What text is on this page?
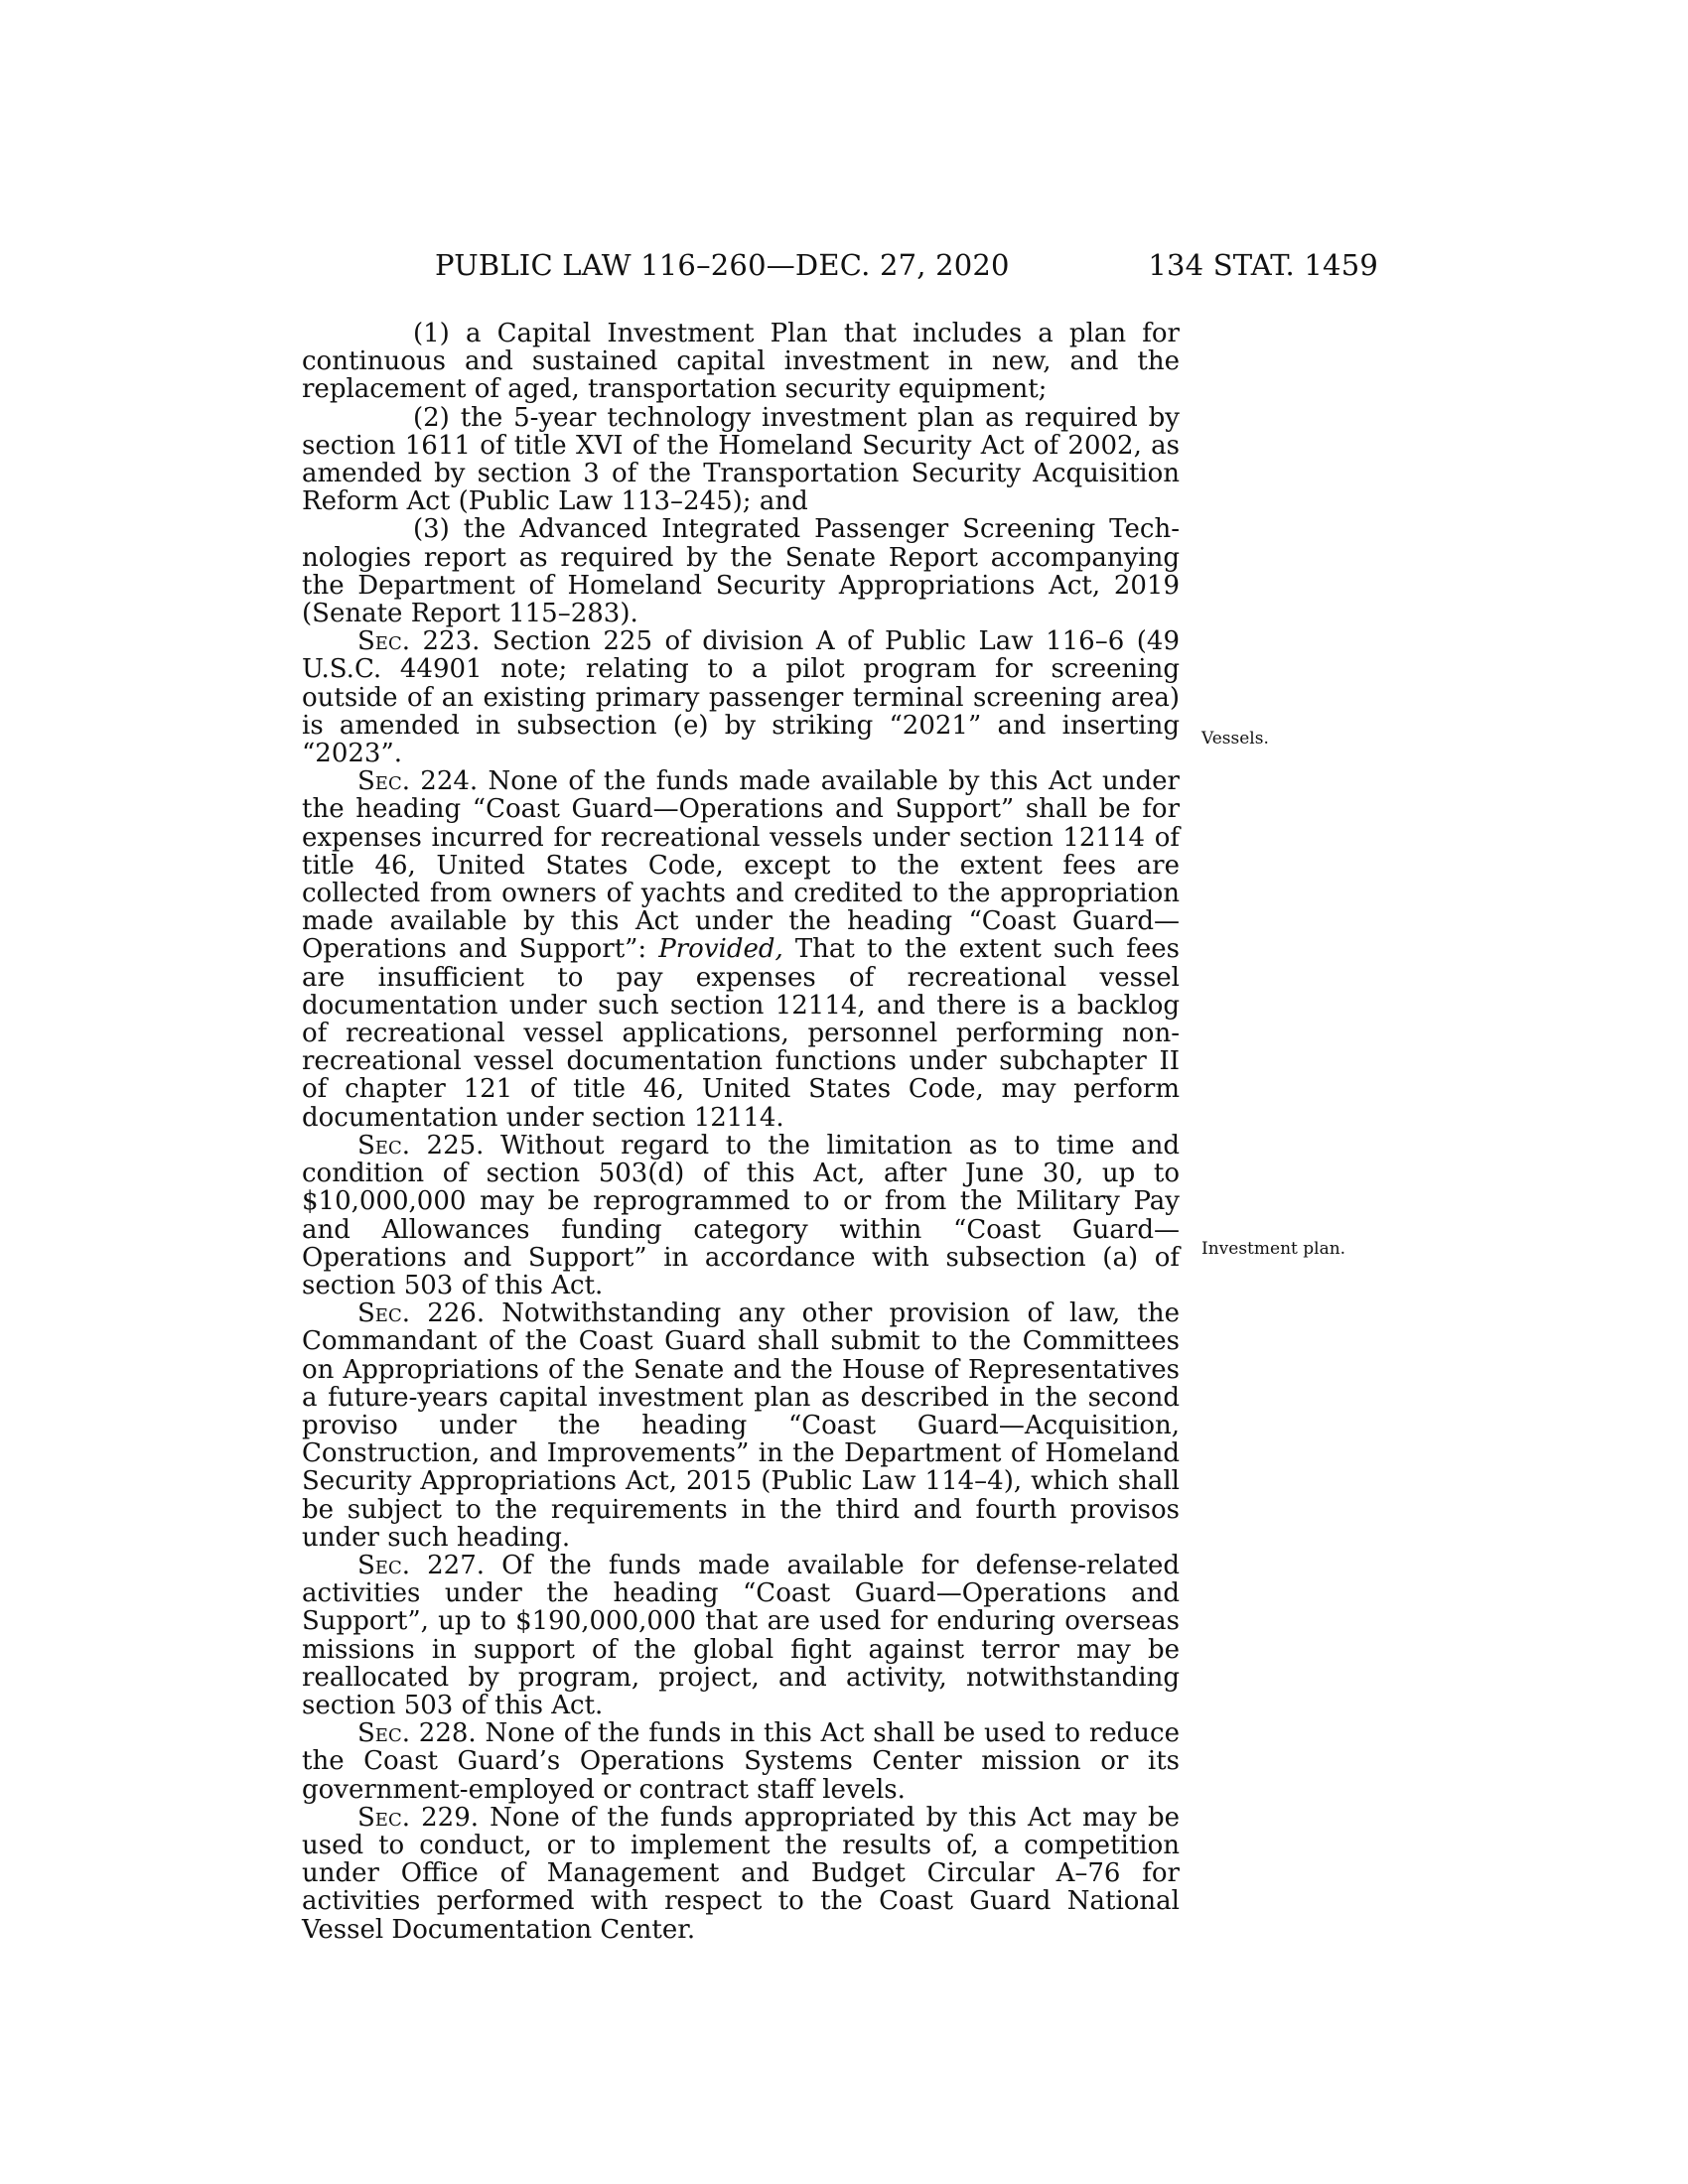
PUBLIC LAW 116–260—DEC. 27, 2020	134 STAT. 1459
Vessels.
Investment plan.

(1) a Capital Investment Plan that includes a plan for continuous and sustained capital investment in new, and the replacement of aged, transportation security equipment;

(2) the 5-year technology investment plan as required by section 1611 of title XVI of the Homeland Security Act of 2002, as amended by section 3 of the Transportation Security Acquisition Reform Act (Public Law 113–245); and

(3) the Advanced Integrated Passenger Screening Technologies report as required by the Senate Report accompanying the Department of Homeland Security Appropriations Act, 2019 (Senate Report 115–283).

Sec. 223. Section 225 of division A of Public Law 116–6 (49 U.S.C. 44901 note; relating to a pilot program for screening outside of an existing primary passenger terminal screening area) is amended in subsection (e) by striking “2021” and inserting “2023”.

Sec. 224. None of the funds made available by this Act under the heading “Coast Guard—Operations and Support” shall be for expenses incurred for recreational vessels under section 12114 of title 46, United States Code, except to the extent fees are collected from owners of yachts and credited to the appropriation made available by this Act under the heading “Coast Guard—Operations and Support”: Provided, That to the extent such fees are insufficient to pay expenses of recreational vessel documentation under such section 12114, and there is a backlog of recreational vessel applications, personnel performing non-recreational vessel documentation functions under subchapter II of chapter 121 of title 46, United States Code, may perform documentation under section 12114.

Sec. 225. Without regard to the limitation as to time and condition of section 503(d) of this Act, after June 30, up to $10,000,000 may be reprogrammed to or from the Military Pay and Allowances funding category within “Coast Guard—Operations and Support” in accordance with subsection (a) of section 503 of this Act.

Sec. 226. Notwithstanding any other provision of law, the Commandant of the Coast Guard shall submit to the Committees on Appropriations of the Senate and the House of Representatives a future-years capital investment plan as described in the second proviso under the heading “Coast Guard—Acquisition, Construction, and Improvements” in the Department of Homeland Security Appropriations Act, 2015 (Public Law 114–4), which shall be subject to the requirements in the third and fourth provisos under such heading.

Sec. 227. Of the funds made available for defense-related activities under the heading “Coast Guard—Operations and Support”, up to $190,000,000 that are used for enduring overseas missions in support of the global fight against terror may be reallocated by program, project, and activity, notwithstanding section 503 of this Act.

Sec. 228. None of the funds in this Act shall be used to reduce the Coast Guard’s Operations Systems Center mission or its government-employed or contract staff levels.

Sec. 229. None of the funds appropriated by this Act may be used to conduct, or to implement the results of, a competition under Office of Management and Budget Circular A–76 for activities performed with respect to the Coast Guard National Vessel Documentation Center.
